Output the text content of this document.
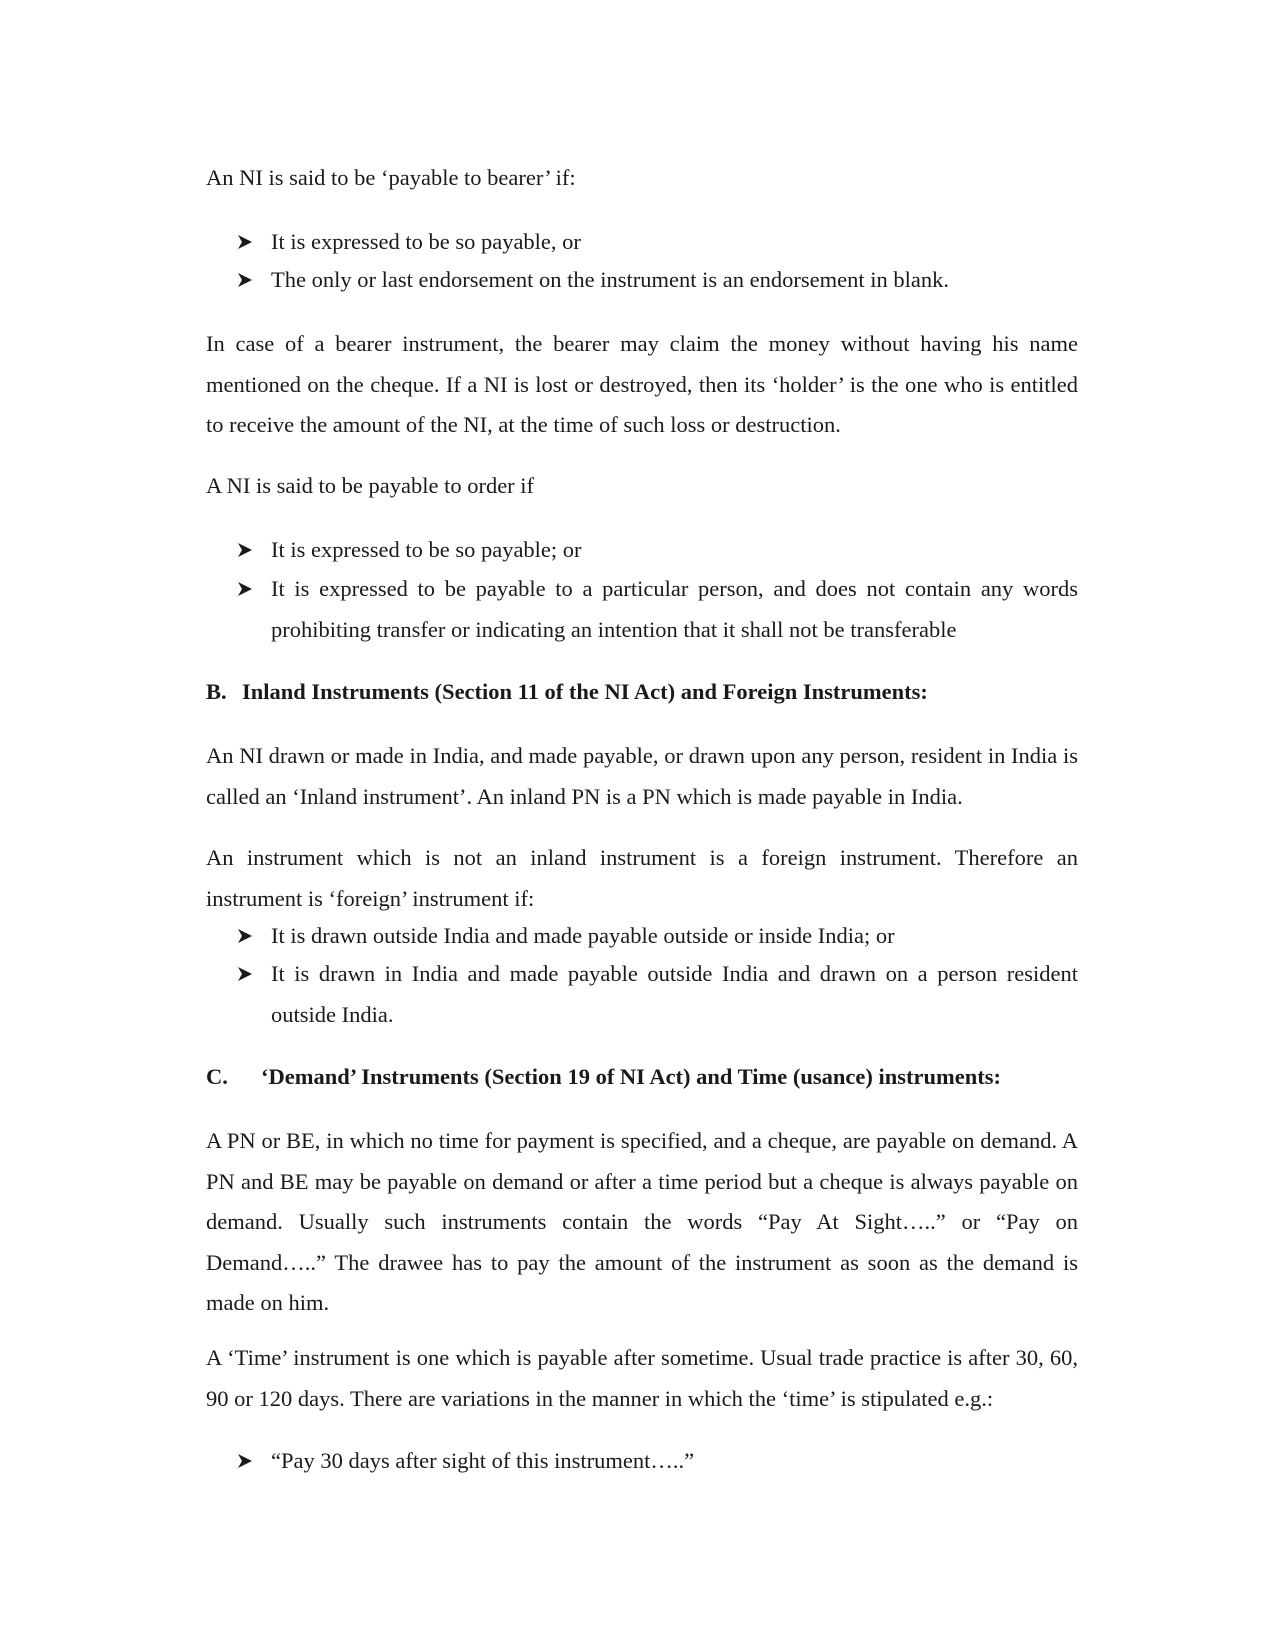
An NI is said to be ‘payable to bearer’ if:

It is expressed to be so payable, or
The only or last endorsement on the instrument is an endorsement in blank.

In case of a bearer instrument, the bearer may claim the money without having his name mentioned on the cheque. If a NI is lost or destroyed, then its ‘holder’ is the one who is entitled to receive the amount of the NI, at the time of such loss or destruction.

A NI is said to be payable to order if

It is expressed to be so payable; or
It is expressed to be payable to a particular person, and does not contain any words prohibiting transfer or indicating an intention that it shall not be transferable
B. Inland Instruments (Section 11 of the NI Act) and Foreign Instruments:

An NI drawn or made in India, and made payable, or drawn upon any person, resident in India is called an ‘Inland instrument’. An inland PN is a PN which is made payable in India.

An instrument which is not an inland instrument is a foreign instrument. Therefore an instrument is ‘foreign’ instrument if:

It is drawn outside India and made payable outside or inside India; or
It is drawn in India and made payable outside India and drawn on a person resident outside India.
C. ‘Demand’ Instruments (Section 19 of NI Act) and Time (usance) instruments:

A PN or BE, in which no time for payment is specified, and a cheque, are payable on demand. A PN and BE may be payable on demand or after a time period but a cheque is always payable on demand. Usually such instruments contain the words “Pay At Sight…..” or “Pay on Demand…..” The drawee has to pay the amount of the instrument as soon as the demand is made on him.

A ‘Time’ instrument is one which is payable after sometime. Usual trade practice is after 30, 60, 90 or 120 days. There are variations in the manner in which the ‘time’ is stipulated e.g.:

“Pay 30 days after sight of this instrument…..”
